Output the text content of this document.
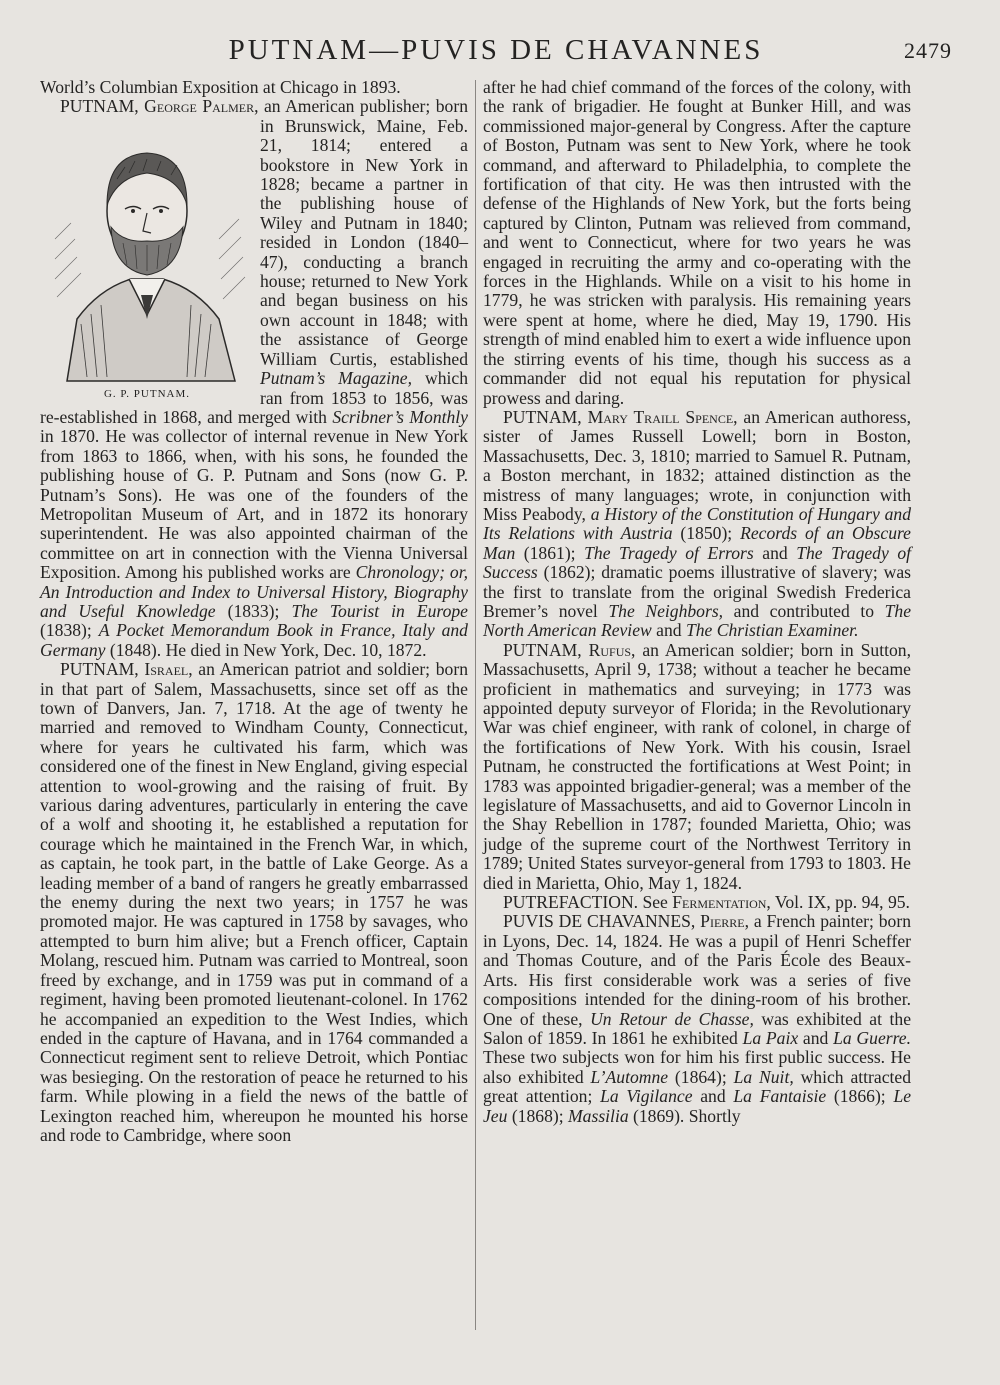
PUTNAM—PUVIS DE CHAVANNES	2479

World’s Columbian Exposition at Chicago in 1893.

PUTNAM, George Palmer,
G. P. PUTNAM.
an American publisher; born in Brunswick, Maine, Feb. 21, 1814; entered a bookstore in New York in 1828; became a partner in the publishing house of Wiley and Putnam in 1840; resided in London (1840–47), conducting a branch house; returned to New York and began business on his own account in 1848; with the assistance of George William Curtis, established Putnam’s Magazine, which ran from 1853 to 1856, was re-established in 1868, and merged with Scribner’s Monthly in 1870. He was collector of internal revenue in New York from 1863 to 1866, when, with his sons, he founded the publishing house of G. P. Putnam and Sons (now G. P. Putnam’s Sons). He was one of the founders of the Metropolitan Museum of Art, and in 1872 its honorary superintendent. He was also appointed chairman of the committee on art in connection with the Vienna Universal Exposition. Among his published works are Chronology; or, An Introduction and Index to Universal History, Biography and Useful Knowledge (1833); The Tourist in Europe (1838); A Pocket Memorandum Book in France, Italy and Germany (1848). He died in New York, Dec. 10, 1872.

PUTNAM, Israel, an American patriot and soldier; born in that part of Salem, Massachusetts, since set off as the town of Danvers, Jan. 7, 1718. At the age of twenty he married and removed to Windham County, Connecticut, where for years he cultivated his farm, which was considered one of the finest in New England, giving especial attention to wool-growing and the raising of fruit. By various daring adventures, particularly in entering the cave of a wolf and shooting it, he established a reputation for courage which he maintained in the French War, in which, as captain, he took part, in the battle of Lake George. As a leading member of a band of rangers he greatly embarrassed the enemy during the next two years; in 1757 he was promoted major. He was captured in 1758 by savages, who attempted to burn him alive; but a French officer, Captain Molang, rescued him. Putnam was carried to Montreal, soon freed by exchange, and in 1759 was put in command of a regiment, having been promoted lieutenant-colonel. In 1762 he accompanied an expedition to the West Indies, which ended in the capture of Havana, and in 1764 commanded a Connecticut regiment sent to relieve Detroit, which Pontiac was besieging. On the restoration of peace he returned to his farm. While plowing in a field the news of the battle of Lexington reached him, whereupon he mounted his horse and rode to Cambridge, where soon

after he had chief command of the forces of the colony, with the rank of brigadier. He fought at Bunker Hill, and was commissioned major-general by Congress. After the capture of Boston, Putnam was sent to New York, where he took command, and afterward to Philadelphia, to complete the fortification of that city. He was then intrusted with the defense of the Highlands of New York, but the forts being captured by Clinton, Putnam was relieved from command, and went to Connecticut, where for two years he was engaged in recruiting the army and co-operating with the forces in the Highlands. While on a visit to his home in 1779, he was stricken with paralysis. His remaining years were spent at home, where he died, May 19, 1790. His strength of mind enabled him to exert a wide influence upon the stirring events of his time, though his success as a commander did not equal his reputation for physical prowess and daring.

PUTNAM, Mary Traill Spence, an American authoress, sister of James Russell Lowell; born in Boston, Massachusetts, Dec. 3, 1810; married to Samuel R. Putnam, a Boston merchant, in 1832; attained distinction as the mistress of many languages; wrote, in conjunction with Miss Peabody, a History of the Constitution of Hungary and Its Relations with Austria (1850); Records of an Obscure Man (1861); The Tragedy of Errors and The Tragedy of Success (1862); dramatic poems illustrative of slavery; was the first to translate from the original Swedish Frederica Bremer’s novel The Neighbors, and contributed to The North American Review and The Christian Examiner.

PUTNAM, Rufus, an American soldier; born in Sutton, Massachusetts, April 9, 1738; without a teacher he became proficient in mathematics and surveying; in 1773 was appointed deputy surveyor of Florida; in the Revolutionary War was chief engineer, with rank of colonel, in charge of the fortifications of New York. With his cousin, Israel Putnam, he constructed the fortifications at West Point; in 1783 was appointed brigadier-general; was a member of the legislature of Massachusetts, and aid to Governor Lincoln in the Shay Rebellion in 1787; founded Marietta, Ohio; was judge of the supreme court of the Northwest Territory in 1789; United States surveyor-general from 1793 to 1803. He died in Marietta, Ohio, May 1, 1824.

PUTREFACTION. See Fermentation, Vol. IX, pp. 94, 95.

PUVIS DE CHAVANNES, Pierre, a French painter; born in Lyons, Dec. 14, 1824. He was a pupil of Henri Scheffer and Thomas Couture, and of the Paris École des Beaux-Arts. His first considerable work was a series of five compositions intended for the dining-room of his brother. One of these, Un Retour de Chasse, was exhibited at the Salon of 1859. In 1861 he exhibited La Paix and La Guerre. These two subjects won for him his first public success. He also exhibited L’Automne (1864); La Nuit, which attracted great attention; La Vigilance and La Fantaisie (1866); Le Jeu (1868); Massilia (1869). Shortly
